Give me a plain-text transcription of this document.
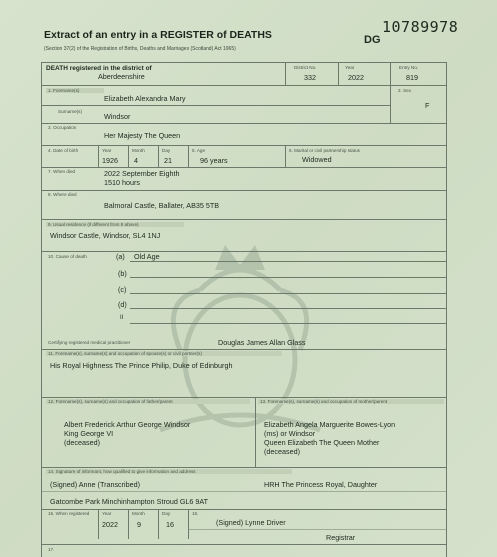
10789978
Extract of an entry in a REGISTER of DEATHS
(Section 37(2) of the Registration of Births, Deaths and Marriages (Scotland) Act 1965)
DG
DEATH registered in the district of
Aberdeenshire
District No.
332
Year
2022
Entry No.
819
1. Forename(s)
Elizabeth Alexandra Mary
2. Sex
F
Surname(s)
Windsor
3. Occupation
Her Majesty The Queen
4. Date of birth	Year
1926
Month
4
Day
21
5. Age
96 years
6. Marital or civil partnership status
Widowed
7. When died	2022 September Eighth
1510 hours
8. Where died
Balmoral Castle, Ballater, AB35 5TB
9. Usual residence (if different from 8 above)
Windsor Castle, Windsor, SL4 1NJ
10. Cause of death	(a) Old Age
(b)
(c)
(d)
II
Certifying registered medical practitioner	Douglas James Allan Glass
11. Forename(s), surname(s) and occupation of spouse(s) or civil partner(s)
His Royal Highness The Prince Philip, Duke of Edinburgh
12. Forename(s), surname(s) and occupation of father/parent
Albert Frederick Arthur George Windsor
King George VI
(deceased)
13. Forename(s), surname(s) and occupation of mother/parent
Elizabeth Angela Marguerite Bowes-Lyon
(ms) or Windsor
Queen Elizabeth The Queen Mother
(deceased)
14. Signature of informant, how qualified to give information and address
(Signed) Anne (Transcribed)	HRH The Princess Royal, Daughter
Gatcombe Park Minchinhampton Stroud GL6 9AT
15. When registered	Year
2022
Month
9
Day
16
16.
(Signed) Lynne Driver
Registrar
17.
